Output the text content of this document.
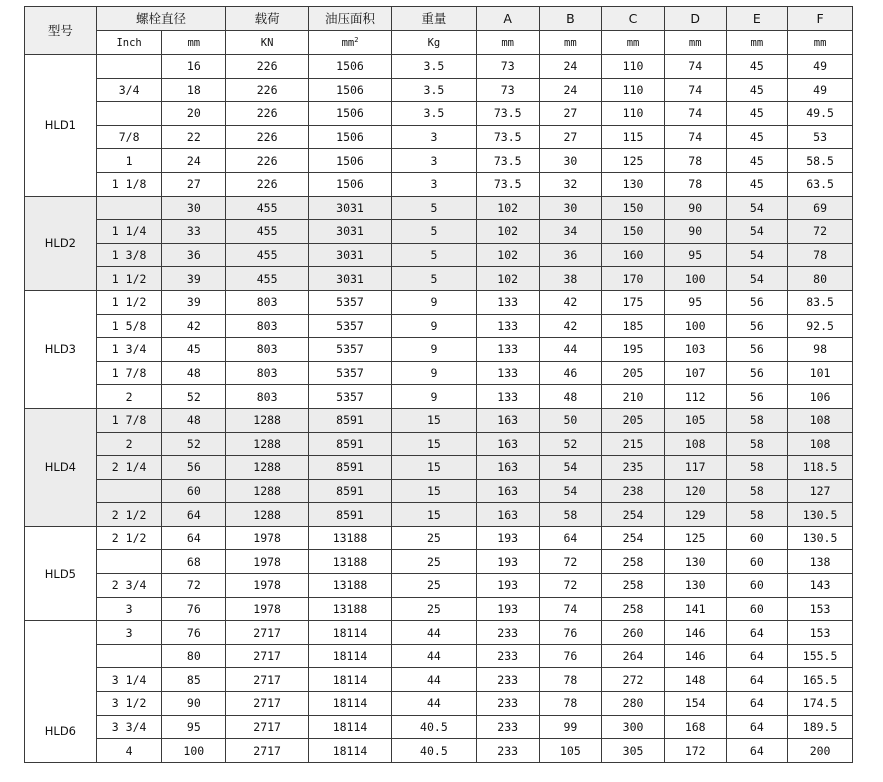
型号	螺栓直径		载荷	油压面积	重量	A	B	C	D	E	F
	Inch	mm	KN	$mm^2$	Kg	mm	mm	mm	mm	mm	mm
HLD1		16	226	1506	3.5	73	24	110	74	45	49
	3/4	18	226	1506	3.5	73	24	110	74	45	49
		20	226	1506	3.5	73.5	27	110	74	45	49.5
	7/8	22	226	1506	3	73.5	27	115	74	45	53
	1	24	226	1506	3	73.5	30	125	78	45	58.5
	1 1/8	27	226	1506	3	73.5	32	130	78	45	63.5
HLD2		30	455	3031	5	102	30	150	90	54	69
	1 1/4	33	455	3031	5	102	34	150	90	54	72
	1 3/8	36	455	3031	5	102	36	160	95	54	78
	1 1/2	39	455	3031	5	102	38	170	100	54	80
HLD3	1 1/2	39	803	5357	9	133	42	175	95	56	83.5
	1 5/8	42	803	5357	9	133	42	185	100	56	92.5
	1 3/4	45	803	5357	9	133	44	195	103	56	98
	1 7/8	48	803	5357	9	133	46	205	107	56	101
	2	52	803	5357	9	133	48	210	112	56	106
HLD4	1 7/8	48	1288	8591	15	163	50	205	105	58	108
	2	52	1288	8591	15	163	52	215	108	58	108
	2 1/4	56	1288	8591	15	163	54	235	117	58	118.5
		60	1288	8591	15	163	54	238	120	58	127
	2 1/2	64	1288	8591	15	163	58	254	129	58	130.5
HLD5	2 1/2	64	1978	13188	25	193	64	254	125	60	130.5
		68	1978	13188	25	193	72	258	130	60	138
	2 3/4	72	1978	13188	25	193	72	258	130	60	143
	3	76	1978	13188	25	193	74	258	141	60	153
HLD6	3	76	2717	18114	44	233	76	260	146	64	153
		80	2717	18114	44	233	76	264	146	64	155.5
	3 1/4	85	2717	18114	44	233	78	272	148	64	165.5
	3 1/2	90	2717	18114	44	233	78	280	154	64	174.5
	3 3/4	95	2717	18114	40.5	233	99	300	168	64	189.5
	4	100	2717	18114	40.5	233	105	305	172	64	200
